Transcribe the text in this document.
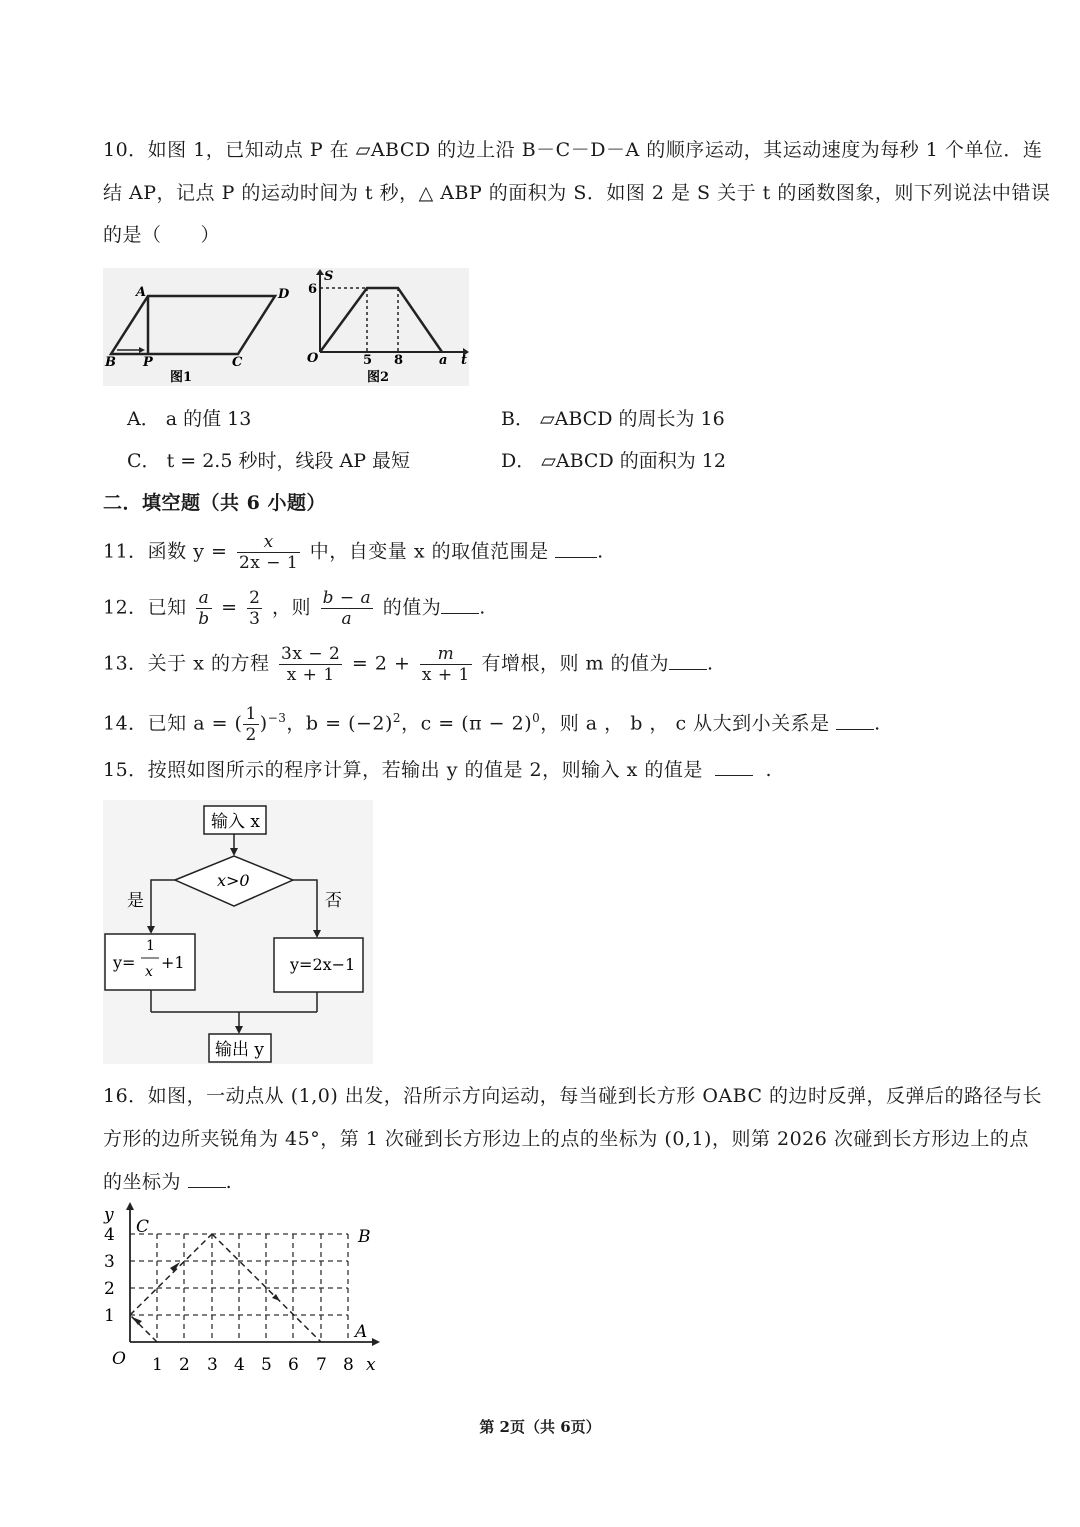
10．如图 1，已知动点 P 在 ▱ABCD 的边上沿 B－C－D－A 的顺序运动，其运动速度为每秒 1 个单位．连
结 AP，记点 P 的运动时间为 t 秒，△ ABP 的面积为 S．如图 2 是 S 关于 t 的函数图象，则下列说法中错误
的是（　　）
A	D
B P	C
图1
S
6
O	5 8	a t
图2
A． a 的值 13	B． ▱ABCD 的周长为 16
C． t = 2.5 秒时，线段 AP 最短	D． ▱ABCD 的面积为 12
二．填空题（共 6 小题）
11．函数 $y = \frac{x}{2x - 1}$ 中，自变量 x 的取值范围是	.
12．已知 $\frac{a}{b} = \frac{2}{3}$ ，则 $\frac{b - a}{a}$ 的值为 .
13．关于 x 的方程 $\frac{3x - 2}{x + 1} = 2 + \frac{m}{x + 1}$ 有增根，则 m 的值为 .
14．已知 a = ( $\frac{1}{2} )^{-3}$，$b = (-2)^2$，$c = (\pi - 2)^0$，则 a ， b ， c 从大到小关系是 .
15．按照如图所示的程序计算，若输出 y 的值是 2，则输入 x 的值是	.
输入 x
x>0
是	否
y=
1
x +1	y=2x−1
输出 y
16．如图，一动点从 (1,0) 出发，沿所示方向运动，每当碰到长方形 OABC 的边时反弹，反弹后的路径与长
方形的边所夹锐角为 45°，第 1 次碰到长方形边上的点的坐标为 (0,1)，则第 2026 次碰到长方形边上的点
的坐标为 .
y
x
O
C	B
A
4
3
2
1
1 2 3 4 5 6 7 8
第 2页（共 6页）
